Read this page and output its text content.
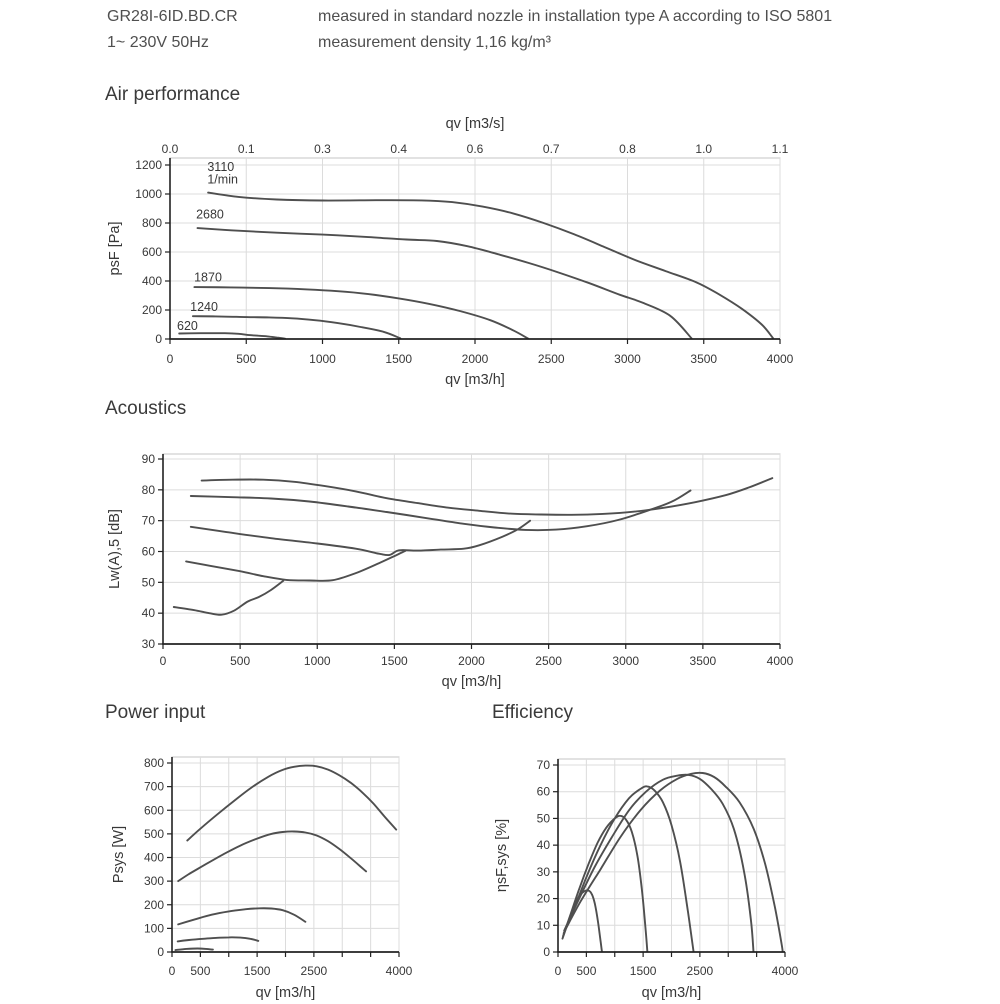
GR28I-6ID.BD.CR
1~ 230V 50Hz
measured in standard nozzle in installation type A according to ISO 5801
measurement density 1,16 kg/m³
Air performance
Acoustics
Power input	Efficiency
0
200
400
600
800
1000
1200
0	500	1000	1500	2000	2500	3000	3500	4000
0.0	0.1	0.3	0.4	0.6	0.7	0.8	1.0	1.1
qv [m3/s]
qv [m3/h]
psF [Pa]
620
1240
1870
2680
3110
1/min
30
40
50
60
70
80
90
0	500	1000	1500	2000	2500	3000	3500	4000
qv [m3/h]
Lw(A),5 [dB]
0
100
200
300
400
500
600
700
800
0 500	1500	2500	4000
qv [m3/h]
Psys [W]
0
10
20
30
40
50
60
70
0 500	1500	2500	4000
qv [m3/h]
ηsF,sys [%]
